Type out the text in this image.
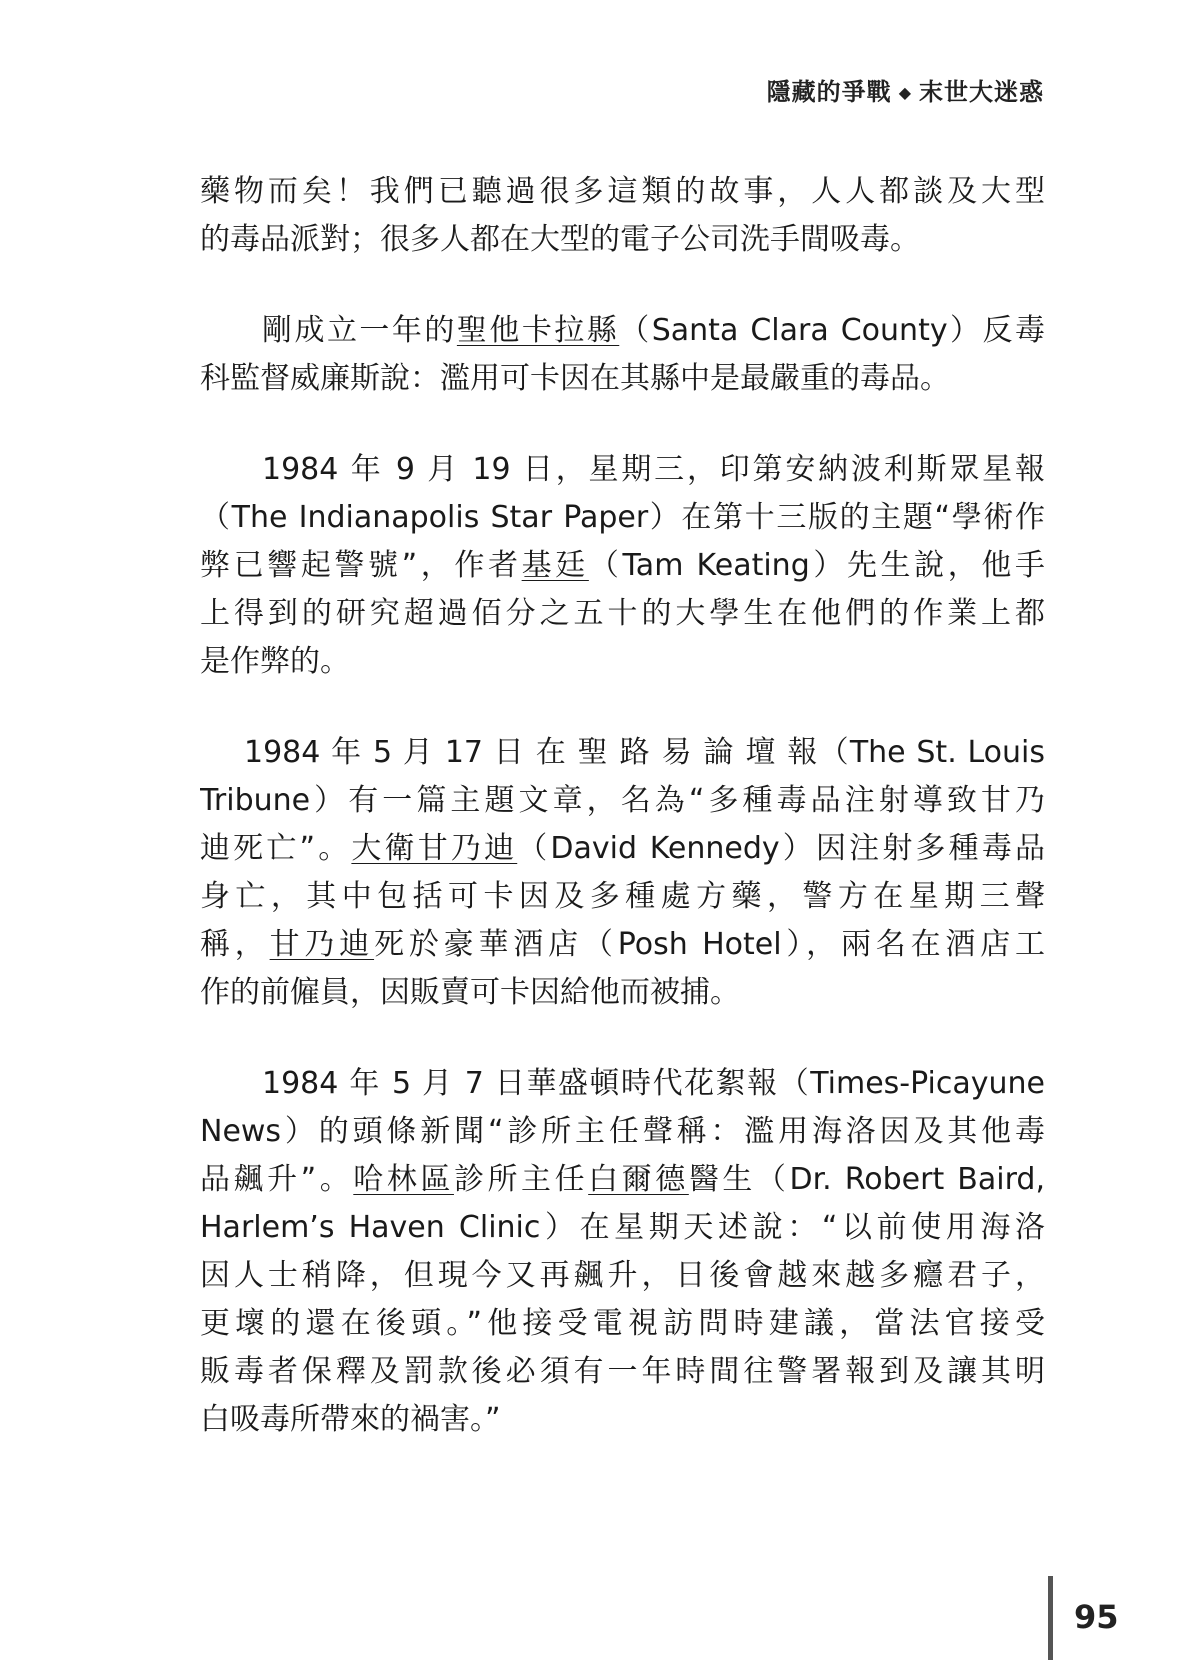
隱藏的爭戰 ◆ 末世大迷惑
藥物而矣！我們已聽過很多這類的故事，人人都談及大型
的毒品派對；很多人都在大型的電子公司洗手間吸毒。
剛成立一年的聖他卡拉縣（Santa Clara County）反毒
科監督威廉斯說：濫用可卡因在其縣中是最嚴重的毒品。
1984 年 9 月 19 日，星期三，印第安納波利斯眾星報
（The Indianapolis Star Paper）在第十三版的主題“學術作
弊已響起警號”，作者基廷（Tam Keating）先生說，他手
上得到的研究超過佰分之五十的大學生在他們的作業上都
是作弊的。
1984 年 5 月 17 日 在 聖 路 易 論 壇 報（The St. Louis
Tribune）有一篇主題文章，名為“多種毒品注射導致甘乃
迪死亡”。大衛甘乃迪（David Kennedy）因注射多種毒品
身亡，其中包括可卡因及多種處方藥，警方在星期三聲
稱，甘乃迪死於豪華酒店（Posh Hotel），兩名在酒店工
作的前僱員，因販賣可卡因給他而被捕。
1984 年 5 月 7 日華盛頓時代花絮報（Times-Picayune
News）的頭條新聞“診所主任聲稱：濫用海洛因及其他毒
品飆升”。哈林區診所主任白爾德醫生（Dr. Robert Baird,
Harlem’s Haven Clinic）在星期天述說：“以前使用海洛
因人士稍降，但現今又再飆升，日後會越來越多癮君子，
更壞的還在後頭。”他接受電視訪問時建議，當法官接受
販毒者保釋及罰款後必須有一年時間往警署報到及讓其明
白吸毒所帶來的禍害。”
95
